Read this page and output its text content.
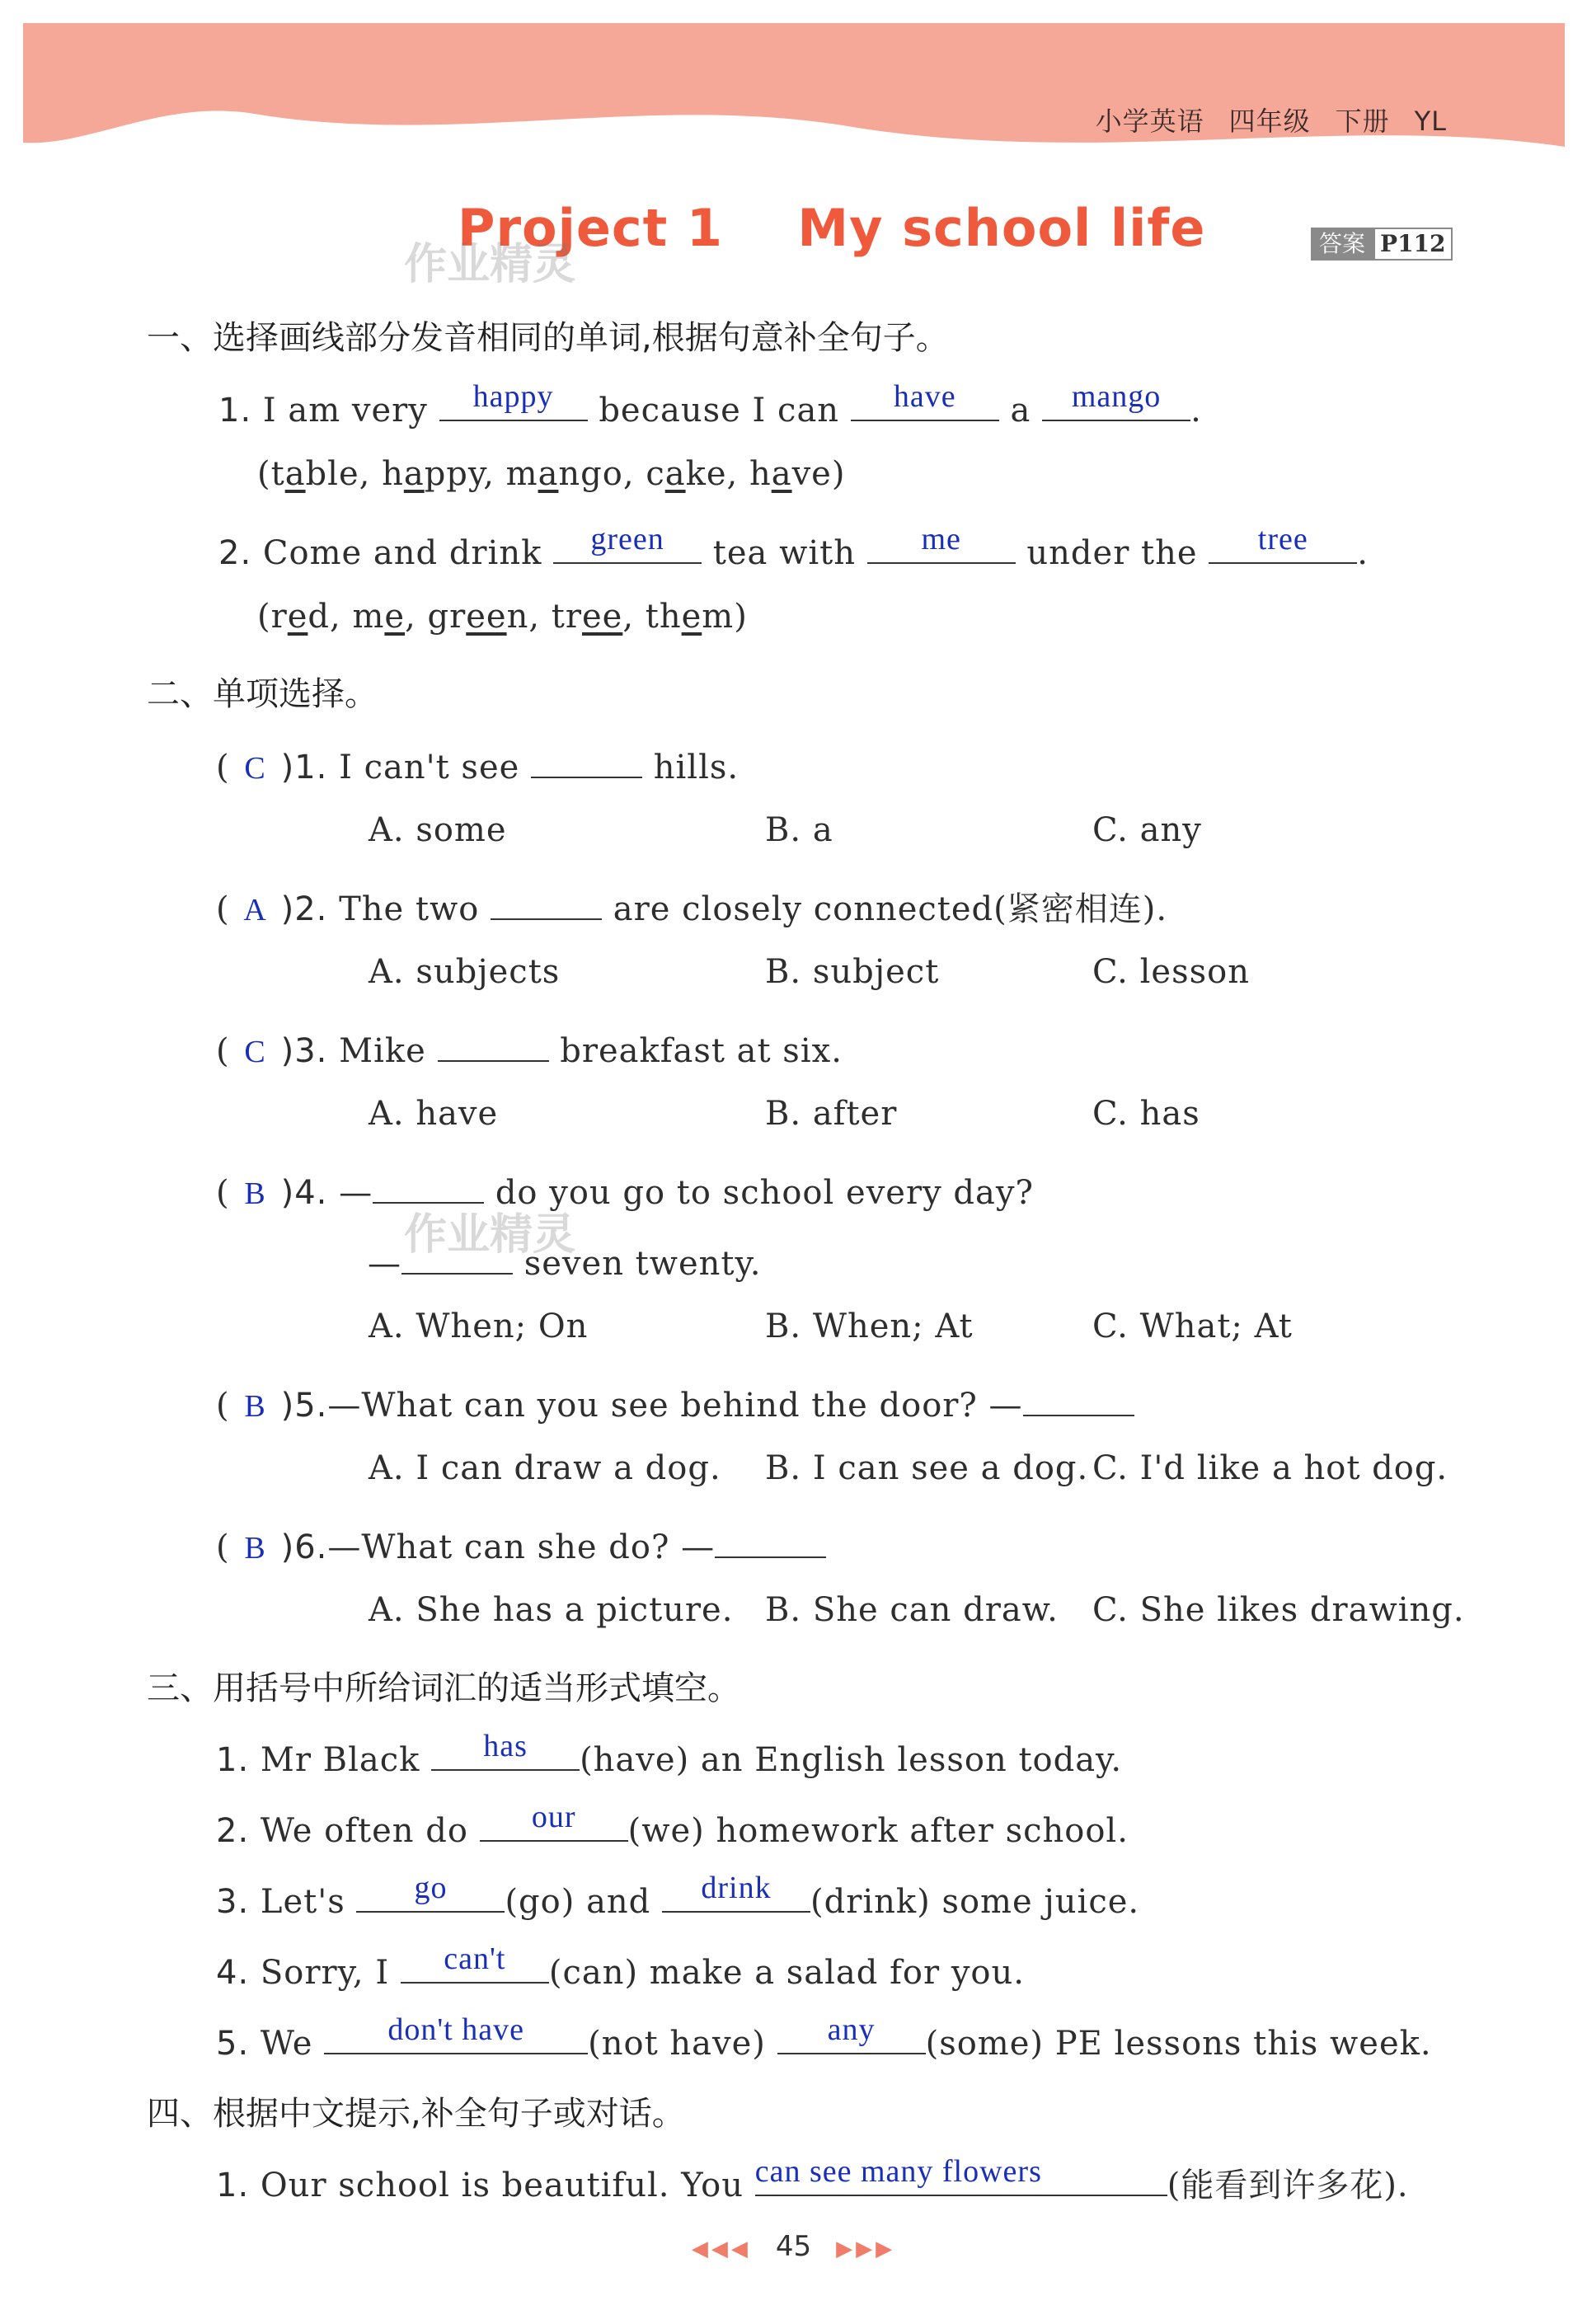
小学英语 四年级 下册 YL
Project 1    My school life
作业精灵	答案 P112
一、选择画线部分发音相同的单词,根据句意补全句子。
1. I am very	happy	because I can	have	a	mango .
(table, happy, mango, cake, have)
2. Come and drink	green	tea with	me	under the	tree	.
(red, me, green, tree, them)
二、单项选择。
( C )1. I can't see	hills.
A. some	B. a	C. any
( A )2. The two	are closely connected(紧密相连).
A. subjects	B. subject	C. lesson
( C )3. Mike	breakfast at six.
A. have	B. after	C. has
( B )4. —	do you go to school every day?
—	seven twenty.
作业精灵
A. When; On	B. When; At	C. What; At
( B )5.—What can you see behind the door? —
A. I can draw a dog. B. I can see a dog. C. I'd like a hot dog.
( B )6.—What can she do? —
A. She has a picture. B. She can draw. C. She likes drawing.
三、用括号中所给词汇的适当形式填空。
1. Mr Black	has	(have) an English lesson today.
2. We often do	our	(we) homework after school.
3. Let's	go	(go) and	drink	(drink) some juice.
4. Sorry, I	can't	(can) make a salad for you.
5. We	don't have	(not have)	any	(some) PE lessons this week.
四、根据中文提示,补全句子或对话。
1. Our school is beautiful. You can see many flowers	(能看到许多花).
◀◀◀ 45 ▶▶▶
